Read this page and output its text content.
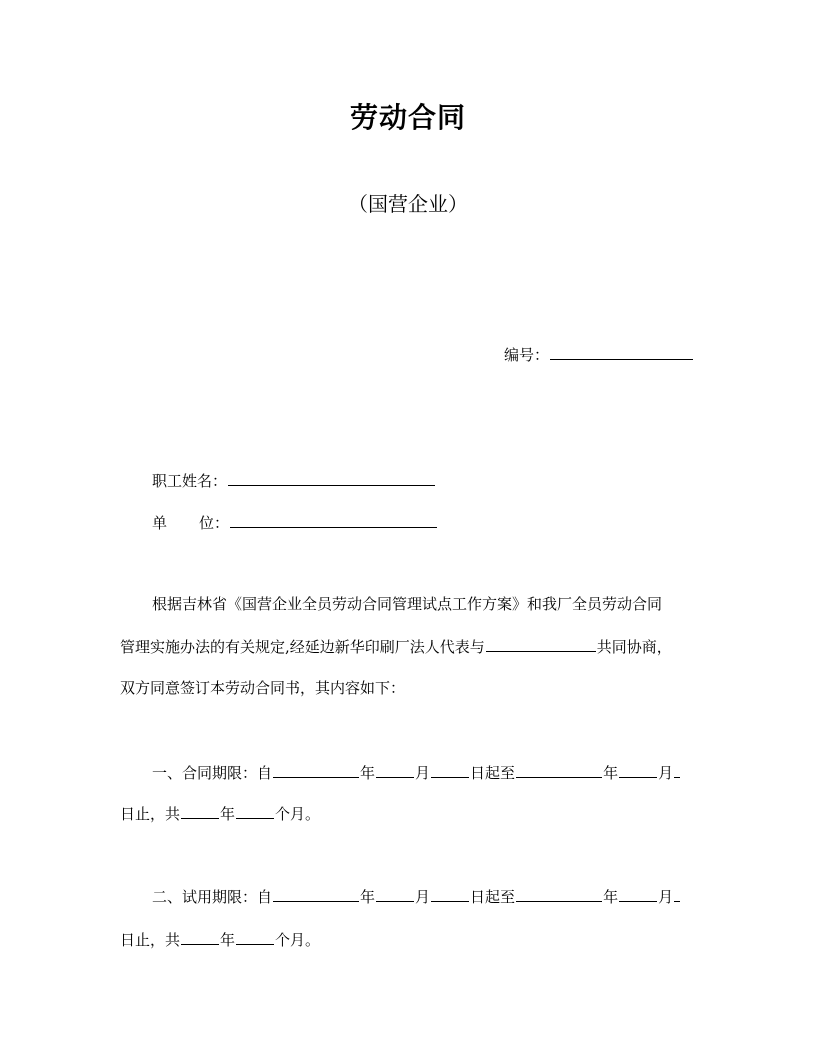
劳动合同
（国营企业）
编号：
职工姓名：
单 位：
根据吉林省《国营企业全员劳动合同管理试点工作方案》和我厂全员劳动合同
管理实施办法的有关规定,经延边新华印刷厂法人代表与	共同协商，
双方同意签订本劳动合同书，其内容如下：
一、合同期限：自	年	月	日起至	年	月
日止，共	年	个月。
二、试用期限：自	年	月	日起至	年	月
日止，共	年	个月。
